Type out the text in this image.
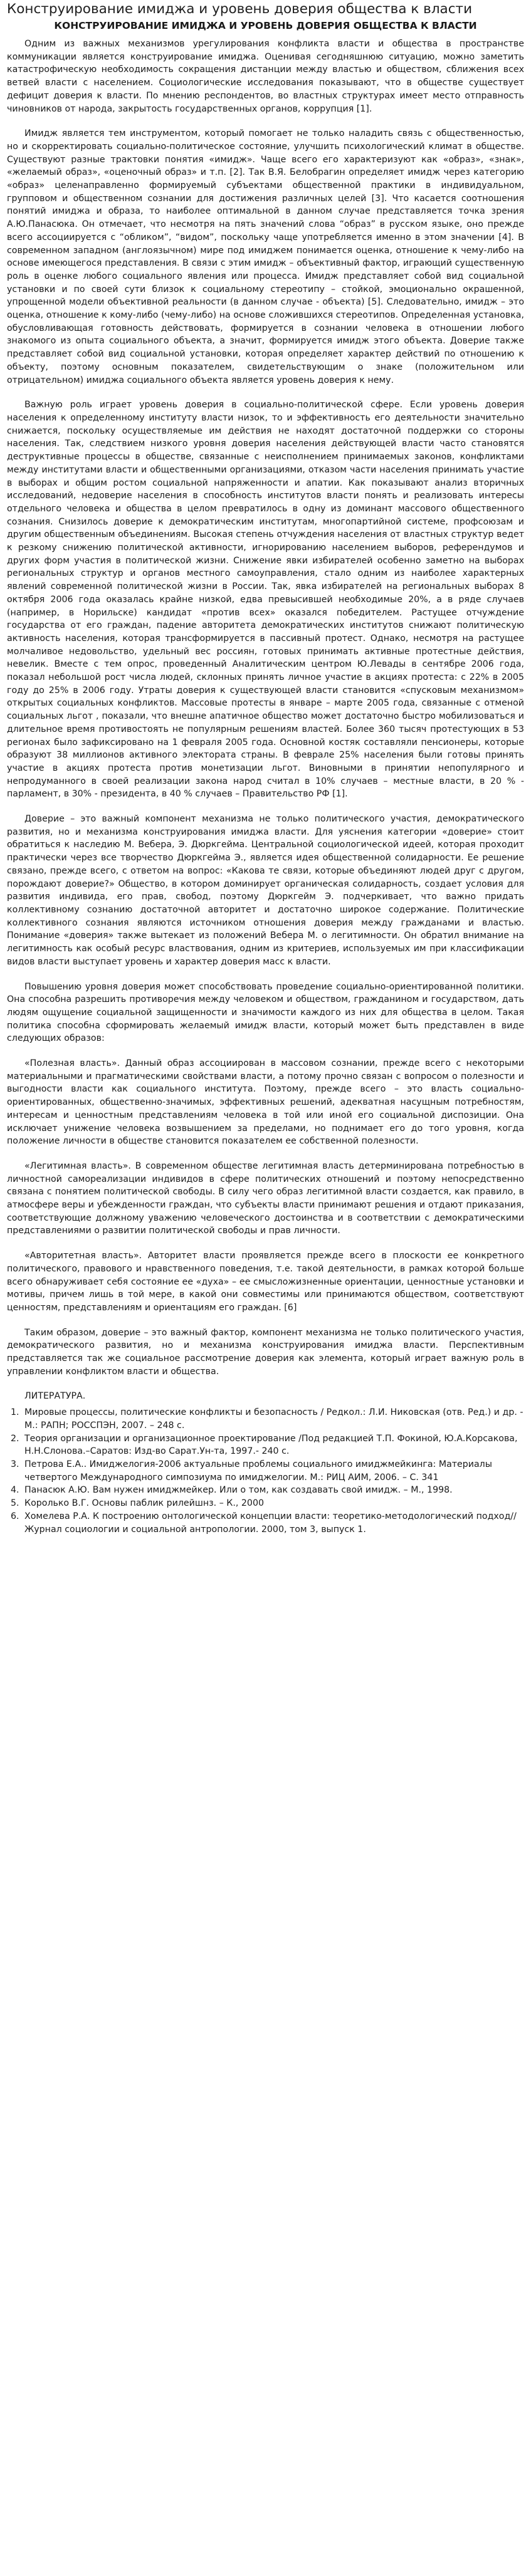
Конструирование имиджа и уровень доверия общества к власти
КОНСТРУИРОВАНИЕ ИМИДЖА И УРОВЕНЬ ДОВЕРИЯ ОБЩЕСТВА К ВЛАСТИ

Одним из важных механизмов урегулирования конфликта власти и общества в пространстве коммуникации является конструирование имиджа. Оценивая сегодняшнюю ситуацию, можно заметить катастрофическую необходимость сокращения дистанции между властью и обществом, сближения всех ветвей власти с населением. Социологические исследования показывают, что в обществе существует дефицит доверия к власти. По мнению респондентов, во властных структурах имеет место отправность чиновников от народа, закрытость государственных органов, коррупция [1].

Имидж является тем инструментом, который помогает не только наладить связь с общественностью, но и скорректировать социально-политическое состояние, улучшить психологический климат в обществе. Существуют разные трактовки понятия «имидж». Чаще всего его характеризуют как «образ», «знак», «желаемый образ», «оценочный образ» и т.п. [2]. Так В.Я. Белобрагин определяет имидж через категорию «образ» целенаправленно формируемый субъектами общественной практики в индивидуальном, групповом и общественном сознании для достижения различных целей [3]. Что касается соотношения понятий имиджа и образа, то наиболее оптимальной в данном случае представляется точка зрения А.Ю.Панасюка. Он отмечает, что несмотря на пять значений слова “образ” в русском языке, оно прежде всего ассоциируется с “обликом”, “видом”, поскольку чаще употребляется именно в этом значении [4]. В современном западном (англоязычном) мире под имиджем понимается оценка, отношение к чему-либо на основе имеющегося представления. В связи с этим имидж – объективный фактор, играющий существенную роль в оценке любого социального явления или процесса. Имидж представляет собой вид социальной установки и по своей сути близок к социальному стереотипу – стойкой, эмоционально окрашенной, упрощенной модели объективной реальности (в данном случае - объекта) [5]. Следовательно, имидж – это оценка, отношение к кому-либо (чему-либо) на основе сложившихся стереотипов. Определенная установка, обусловливающая готовность действовать, формируется в сознании человека в отношении любого знакомого из опыта социального объекта, а значит, формируется имидж этого объекта. Доверие также представляет собой вид социальной установки, которая определяет характер действий по отношению к объекту, поэтому основным показателем, свидетельствующим о знаке (положительном или отрицательном) имиджа социального объекта является уровень доверия к нему.

Важную роль играет уровень доверия в социально-политической сфере. Если уровень доверия населения к определенному институту власти низок, то и эффективность его деятельности значительно снижается, поскольку осуществляемые им действия не находят достаточной поддержки со стороны населения. Так, следствием низкого уровня доверия населения действующей власти часто становятся деструктивные процессы в обществе, связанные с неисполнением принимаемых законов, конфликтами между институтами власти и общественными организациями, отказом части населения принимать участие в выборах и общим ростом социальной напряженности и апатии. Как показывают анализ вторичных исследований, недоверие населения в способность институтов власти понять и реализовать интересы отдельного человека и общества в целом превратилось в одну из доминант массового общественного сознания. Снизилось доверие к демократическим институтам, многопартийной системе, профсоюзам и другим общественным объединениям. Высокая степень отчуждения населения от властных структур ведет к резкому снижению политической активности, игнорированию населением выборов, референдумов и других форм участия в политической жизни. Снижение явки избирателей особенно заметно на выборах региональных структур и органов местного самоуправления, стало одним из наиболее характерных явлений современной политической жизни в России. Так, явка избирателей на региональных выборах 8 октября 2006 года оказалась крайне низкой, едва превысившей необходимые 20%, а в ряде случаев (например, в Норильске) кандидат «против всех» оказался победителем. Растущее отчуждение государства от его граждан, падение авторитета демократических институтов снижают политическую активность населения, которая трансформируется в пассивный протест. Однако, несмотря на растущее молчаливое недовольство, удельный вес россиян, готовых принимать активные протестные действия, невелик. Вместе с тем опрос, проведенный Аналитическим центром Ю.Левады в сентябре 2006 года, показал небольшой рост числа людей, склонных принять личное участие в акциях протеста: с 22% в 2005 году до 25% в 2006 году. Утраты доверия к существующей власти становится «спусковым механизмом» открытых социальных конфликтов. Массовые протесты в январе – марте 2005 года, связанные с отменой социальных льгот , показали, что внешне апатичное общество может достаточно быстро мобилизоваться и длительное время противостоять не популярным решениям властей. Более 360 тысяч протестующих в 53 регионах было зафиксировано на 1 февраля 2005 года. Основной костяк составляли пенсионеры, которые образуют 38 миллионов активного электората страны. В феврале 25% населения были готовы принять участие в акциях протеста против монетизации льгот. Виновными в принятии непопулярного и непродуманного в своей реализации закона народ считал в 10% случаев – местные власти, в 20 % - парламент, в 30% - президента, в 40 % случаев – Правительство РФ [1].

Доверие – это важный компонент механизма не только политического участия, демократического развития, но и механизма конструирования имиджа власти. Для уяснения категории «доверие» стоит обратиться к наследию М. Вебера, Э. Дюркгейма. Центральной социологической идеей, которая проходит практически через все творчество Дюркгейма Э., является идея общественной солидарности. Ее решение связано, прежде всего, с ответом на вопрос: «Какова те связи, которые объединяют людей друг с другом, порождают доверие?» Общество, в котором доминирует органическая солидарность, создает условия для развития индивида, его прав, свобод, поэтому Дюркгейм Э. подчеркивает, что важно придать коллективному сознанию достаточной авторитет и достаточно широкое содержание. Политические коллективного сознания являются источником отношения доверия между гражданами и властью. Понимание «доверия» также вытекает из положений Вебера М. о легитимности. Он обратил внимание на легитимность как особый ресурс властвования, одним из критериев, используемых им при классификации видов власти выступает уровень и характер доверия масс к власти.

Повышению уровня доверия может способствовать проведение социально-ориентированной политики. Она способна разрешить противоречия между человеком и обществом, гражданином и государством, дать людям ощущение социальной защищенности и значимости каждого из них для общества в целом. Такая политика способна сформировать желаемый имидж власти, который может быть представлен в виде следующих образов:

«Полезная власть». Данный образ ассоциирован в массовом сознании, прежде всего с некоторыми материальными и прагматическими свойствами власти, а потому прочно связан с вопросом о полезности и выгодности власти как социального института. Поэтому, прежде всего – это власть социально-ориентированных, общественно-значимых, эффективных решений, адекватная насущным потребностям, интересам и ценностным представлениям человека в той или иной его социальной диспозиции. Она исключает унижение человека возвышением за пределами, но поднимает его до того уровня, когда положение личности в обществе становится показателем ее собственной полезности.

«Легитимная власть». В современном обществе легитимная власть детерминирована потребностью в личностной самореализации индивидов в сфере политических отношений и поэтому непосредственно связана с понятием политической свободы. В силу чего образ легитимной власти создается, как правило, в атмосфере веры и убежденности граждан, что субъекты власти принимают решения и отдают приказания, соответствующие должному уважению человеческого достоинства и в соответствии с демократическими представлениями о развитии политической свободы и прав личности.

«Авторитетная власть». Авторитет власти проявляется прежде всего в плоскости ее конкретного политического, правового и нравственного поведения, т.е. такой деятельности, в рамках которой больше всего обнаруживает себя состояние ее «духа» – ее смысложизненные ориентации, ценностные установки и мотивы, причем лишь в той мере, в какой они совместимы или принимаются обществом, соответствуют ценностям, представлениям и ориентациям его граждан. [6]

Таким образом, доверие – это важный фактор, компонент механизма не только политического участия, демократического развития, но и механизма конструирования имиджа власти. Перспективным представляется так же социальное рассмотрение доверия как элемента, который играет важную роль в управлении конфликтом власти и общества.

ЛИТЕРАТУРА.
1. Мировые процессы, политические конфликты и безопасность / Редкол.: Л.И. Никовская (отв. Ред.) и др. - М.: РАПН; РОССПЭН, 2007. – 248 с.
2. Теория организации и организационное проектирование /Под редакцией Т.П. Фокиной, Ю.А.Корсакова, Н.Н.Слонова.–Саратов: Изд-во Сарат.Ун-та, 1997.- 240 с.
3. Петрова Е.А.. Имиджелогия-2006 актуальные проблемы социального имиджмейкинга: Материалы четвертого Международного симпозиума по имиджелогии. М.: РИЦ АИМ, 2006. – С. 341
4. Панасюк А.Ю. Вам нужен имиджмейкер. Или о том, как создавать свой имидж. – М., 1998.
5. Королько В.Г. Основы паблик рилейшнз. – К., 2000
6. Хомелева Р.А. К построению онтологической концепции власти: теоретико-методологический подход// Журнал социологии и социальной антропологии. 2000, том 3, выпуск 1.
